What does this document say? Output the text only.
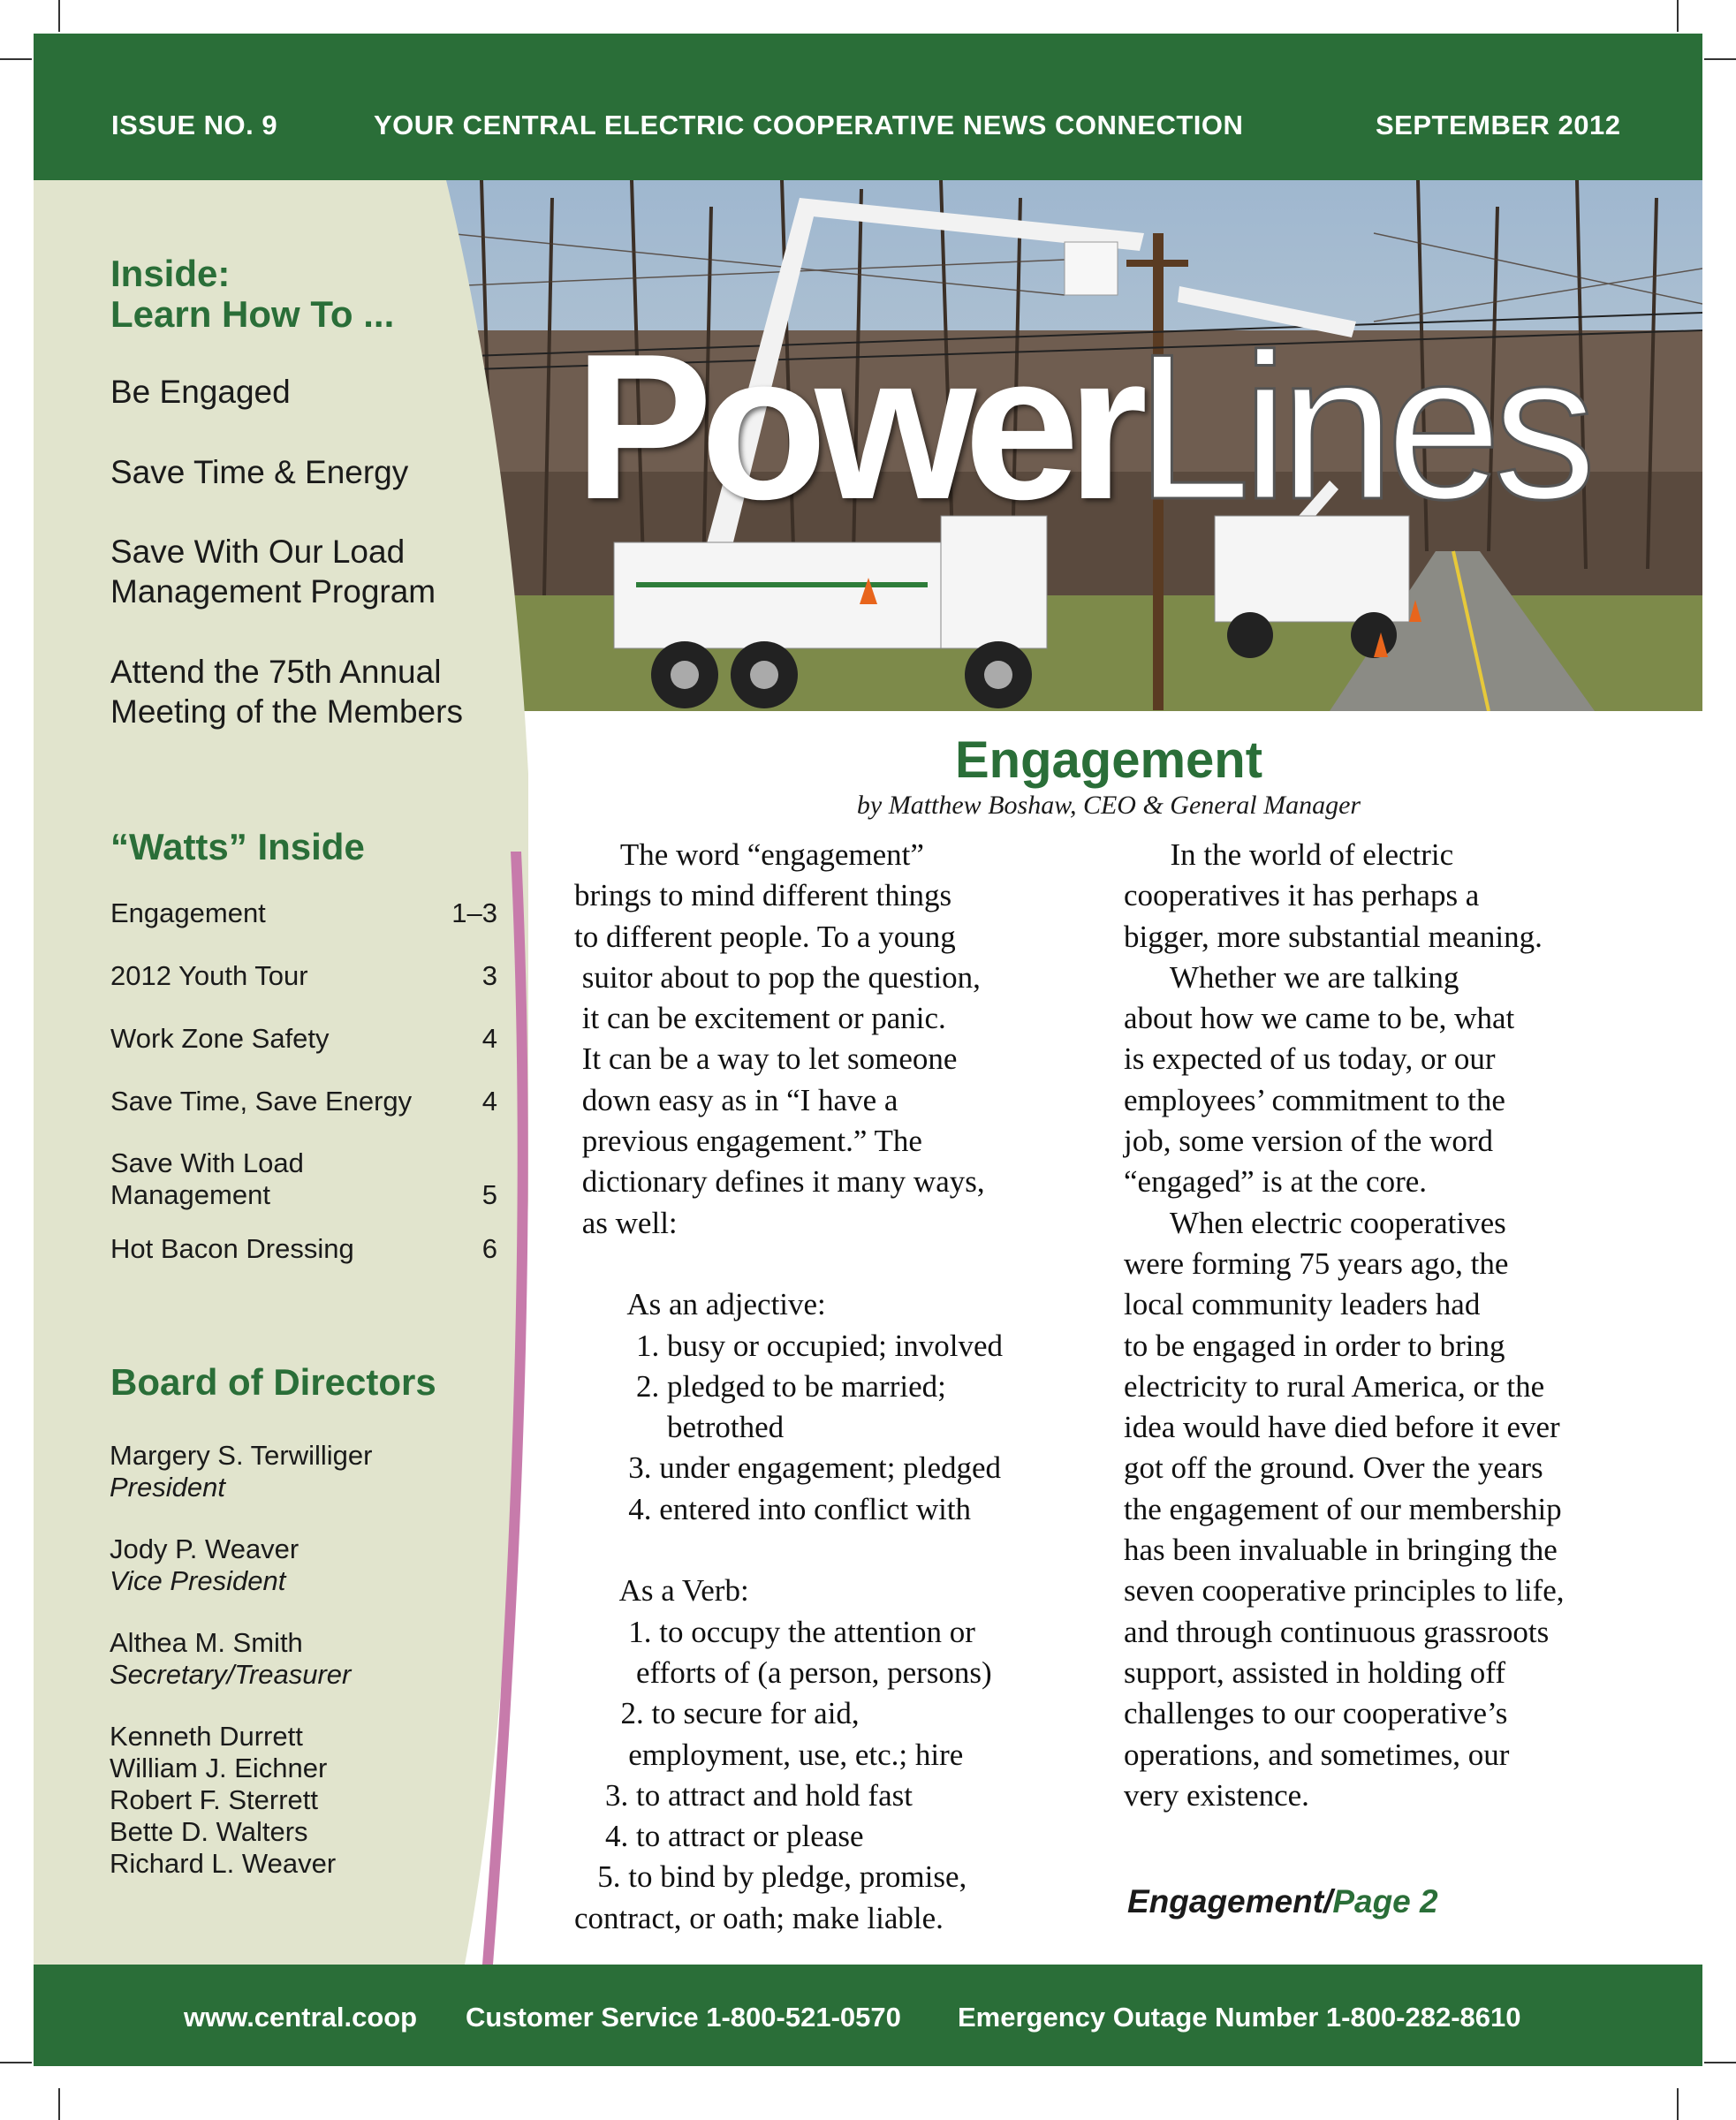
ISSUE NO. 9	YOUR CENTRAL ELECTRIC COOPERATIVE NEWS CONNECTION	SEPTEMBER 2012
PowerLines
Inside:
Learn How To ...
Be Engaged
Save Time & Energy
Save With Our Load
Management Program
Attend the 75th Annual
Meeting of the Members
“Watts” Inside
Engagement	1–3
2012 Youth Tour	3
Work Zone Safety	4
Save Time, Save Energy	4
Save With Load
Management	5
Hot Bacon Dressing	6
Board of Directors
Margery S. Terwilliger
President
Jody P. Weaver
Vice President
Althea M. Smith
Secretary/Treasurer
Kenneth Durrett
William J. Eichner
Robert F. Sterrett
Bette D. Walters
Richard L. Weaver
Engagement
by Matthew Boshaw, CEO & General Manager
The word “engagement”
brings to mind different things
to different people. To a young
suitor about to pop the question,
it can be excitement or panic.
It can be a way to let someone
down easy as in “I have a
previous engagement.” The
dictionary defines it many ways,
as well:

As an adjective:
1. busy or occupied; involved
2. pledged to be married;
betrothed
3. under engagement; pledged
4. entered into conflict with

As a Verb:
1. to occupy the attention or
efforts of (a person, persons)
2. to secure for aid,
employment, use, etc.; hire
3. to attract and hold fast
4. to attract or please
5. to bind by pledge, promise,
contract, or oath; make liable.
In the world of electric
cooperatives it has perhaps a
bigger, more substantial meaning.
Whether we are talking
about how we came to be, what
is expected of us today, or our
employees’ commitment to the
job, some version of the word
“engaged” is at the core.
When electric cooperatives
were forming 75 years ago, the
local community leaders had
to be engaged in order to bring
electricity to rural America, or the
idea would have died before it ever
got off the ground. Over the years
the engagement of our membership
has been invaluable in bringing the
seven cooperative principles to life,
and through continuous grassroots
support, assisted in holding off
challenges to our cooperative’s
operations, and sometimes, our
very existence.
Engagement/Page 2
www.central.coop Customer Service 1-800-521-0570 Emergency Outage Number 1-800-282-8610
